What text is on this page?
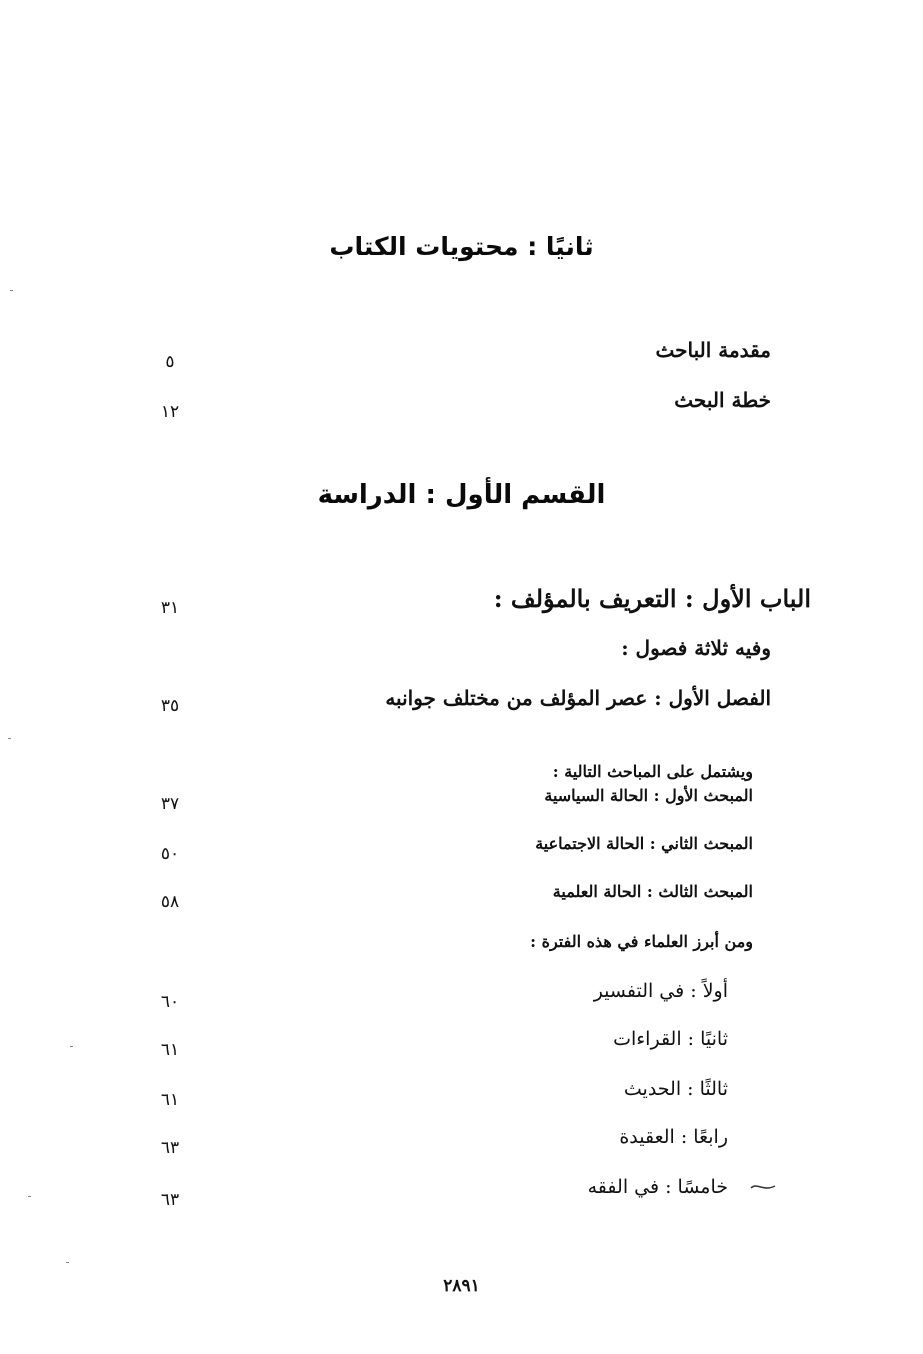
ثانيًا : محتويات الكتاب
مقدمة الباحث
٥
خطة البحث
١٢
القسم الأول : الدراسة
الباب الأول : التعريف بالمؤلف :
٣١
وفيه ثلاثة فصول :
الفصل الأول : عصر المؤلف من مختلف جوانبه
٣٥
ويشتمل على المباحث التالية :
المبحث الأول : الحالة السياسية
٣٧
المبحث الثاني : الحالة الاجتماعية
٥٠
المبحث الثالث : الحالة العلمية
٥٨
ومن أبرز العلماء في هذه الفترة :
أولاً : في التفسير
٦٠
ثانيًا : القراءات
٦١
ثالثًا : الحديث
٦١
رابعًا : العقيدة
٦٣
خامسًا : في الفقه
٦٣
٢٨٩١
